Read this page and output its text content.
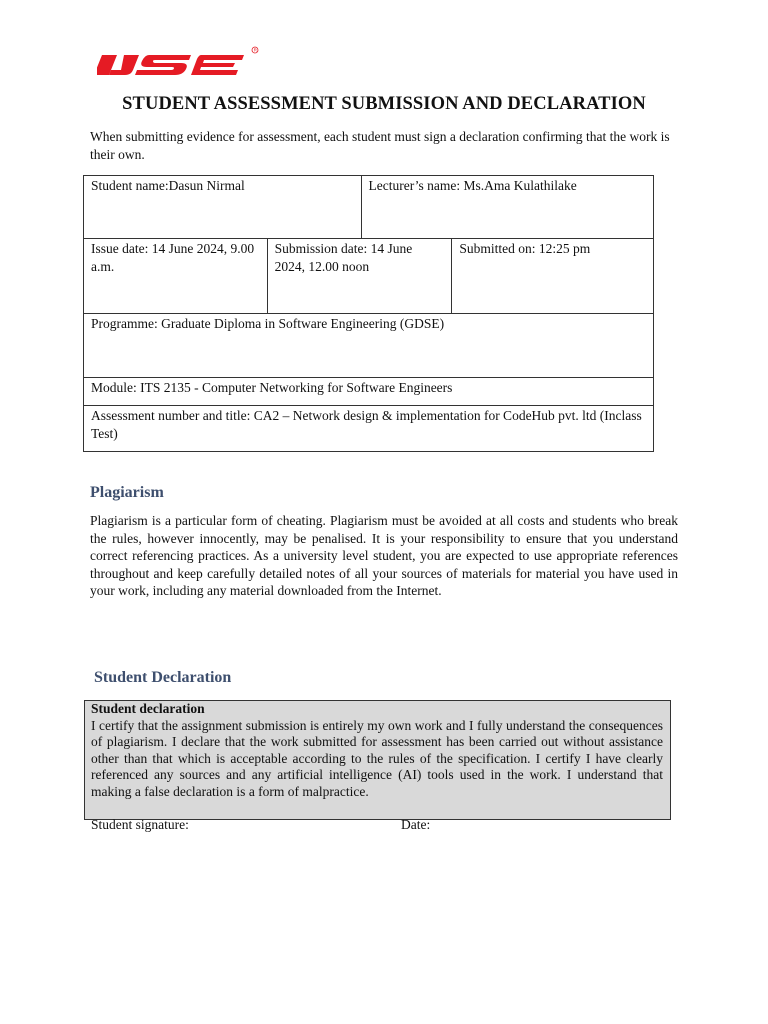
R
STUDENT ASSESSMENT SUBMISSION AND DECLARATION
When submitting evidence for assessment, each student must sign a declaration confirming that the work is their own.
Student name:Dasun Nirmal		Lecturer’s name: Ms.Ama Kulathilake	
Issue date: 14 June 2024, 9.00 a.m.	Submission date: 14 June 2024, 12.00 noon		Submitted on: 12:25 pm
Programme: Graduate Diploma in Software Engineering (GDSE)			
Module: ITS 2135 - Computer Networking for Software Engineers			
Assessment number and title: CA2 – Network design & implementation for CodeHub pvt. ltd (Inclass Test)			
Plagiarism
Plagiarism is a particular form of cheating. Plagiarism must be avoided at all costs and students who break the rules, however innocently, may be penalised. It is your responsibility to ensure that you understand correct referencing practices. As a university level student, you are expected to use appropriate references throughout and keep carefully detailed notes of all your sources of materials for material you have used in your work, including any material downloaded from the Internet.
Student Declaration
Student declaration
I certify that the assignment submission is entirely my own work and I fully understand the consequences of plagiarism. I declare that the work submitted for assessment has been carried out without assistance other than that which is acceptable according to the rules of the specification. I certify I have clearly referenced any sources and any artificial intelligence (AI) tools used in the work. I understand that making a false declaration is a form of malpractice.
Student signature:	Date:
